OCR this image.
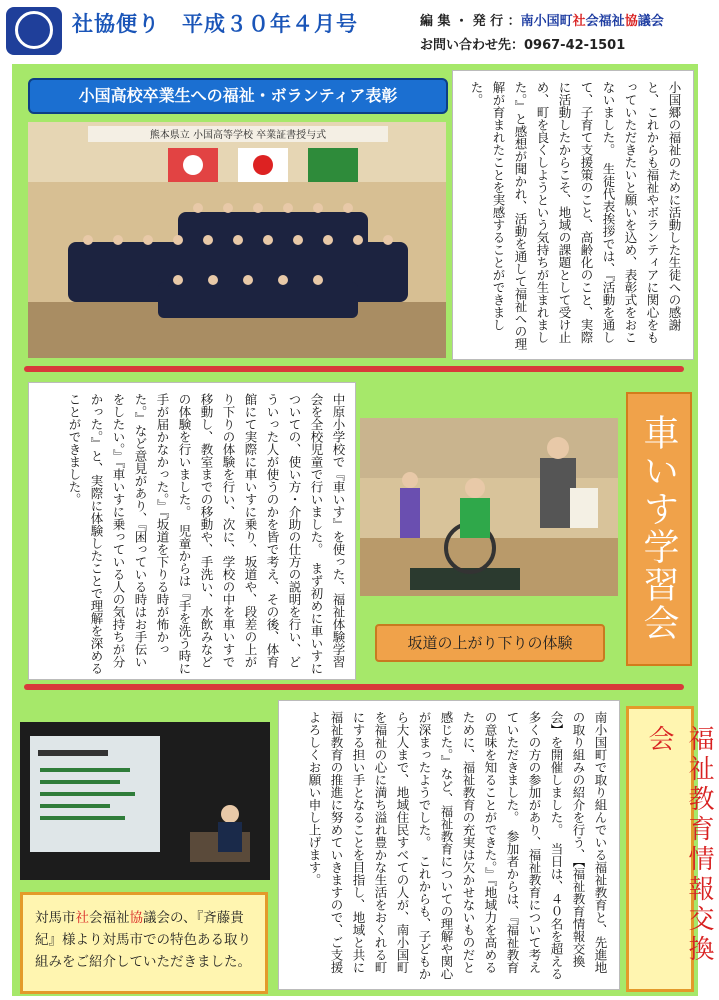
社協便り　平成３０年４月号	編 集 ・ 発 行 ：南小国町社会福祉協議会
お問い合わせ先：0967-42-1501
小国高校卒業生への福祉・ボランティア表彰
熊本県立 小国高等学校 卒業証書授与式	小国郷の福祉のために活動した生徒への感謝と、これからも福祉やボランティアに関心をもっていただきたいと願いを込め、表彰式をおこないました。　生徒代表挨拶では、『活動を通して、子育て支援策のこと、高齢化のこと、実際に活動したからこそ、地域の課題として受け止め、町を良くしようという気持ちが生まれました。』と感想が聞かれ、活動を通して福祉への理解が育まれたことを実感することができました。
中原小学校で『車いす』を使った、福祉体験学習会を全校児童で行いました。　まず初めに車いすについての、使い方・介助の仕方の説明を行い、どういった人が使うのかを皆で考え、その後、体育館にて実際に車いすに乗り、坂道や、段差の上がり下りの体験を行い、次に、学校の中を車いすで移動し、教室までの移動や、手洗い、水飲みなどの体験を行いました。　児童からは『手を洗う時に手が届かなかった。』『坂道を下りる時が怖かった。』など意見があり、『困っている時はお手伝いをしたい。』『車いすに乗っている人の気持ちが分かった。』と、実際に体験したことで理解を深めることができました。
坂道の上がり下りの体験
車いす学習会
対馬市社会福祉協議会の、『斉藤貴紀』様より対馬市での特色ある取り組みをご紹介していただきました。	南小国町で取り組んでいる福祉教育と、先進地の取り組みの紹介を行う、【福祉教育情報交換会】を開催しました。　当日は、４０名を超える多くの方の参加があり、福祉教育について考えていただきました。　参加者からは、『福祉教育の意味を知ることができた。』『地域力を高めるために、福祉教育の充実は欠かせないものだと感じた。』など、福祉教育についての理解や関心が深まったようでした。　これからも、子どもから大人まで、地域住民すべての人が、南小国町を福祉の心に満ち溢れ豊かな生活をおくれる町にする担い手となることを目指し、地域と共に福祉教育の推進に努めていきますので、ご支援よろしくお願い申し上げます。	福祉教育情報交換会
